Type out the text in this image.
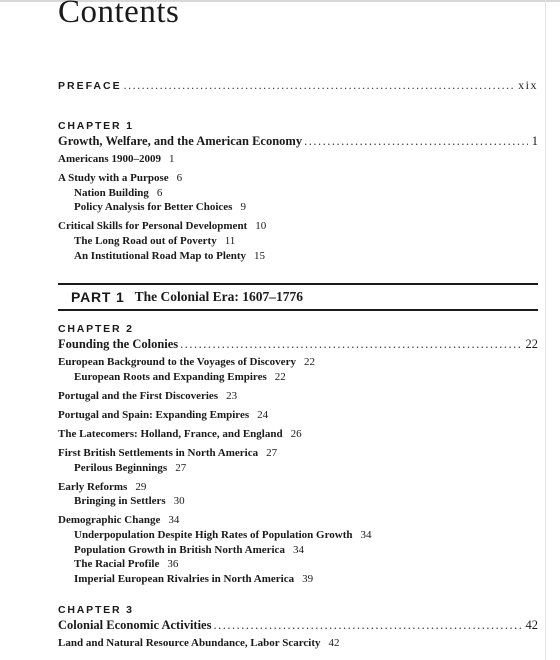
Contents
PREFACE .....	xix
CHAPTER 1
Growth, Welfare, and the American Economy .....	1
Americans 1900–2009 1
A Study with a Purpose 6
Nation Building 6
Policy Analysis for Better Choices 9
Critical Skills for Personal Development 10
The Long Road out of Poverty 11
An Institutional Road Map to Plenty 15
PART 1 The Colonial Era: 1607–1776
CHAPTER 2
Founding the Colonies .....	22
European Background to the Voyages of Discovery 22
European Roots and Expanding Empires 22
Portugal and the First Discoveries 23
Portugal and Spain: Expanding Empires 24
The Latecomers: Holland, France, and England 26
First British Settlements in North America 27
Perilous Beginnings 27
Early Reforms 29
Bringing in Settlers 30
Demographic Change 34
Underpopulation Despite High Rates of Population Growth 34
Population Growth in British North America 34
The Racial Profile 36
Imperial European Rivalries in North America 39
CHAPTER 3
Colonial Economic Activities .....	42
Land and Natural Resource Abundance, Labor Scarcity 42
